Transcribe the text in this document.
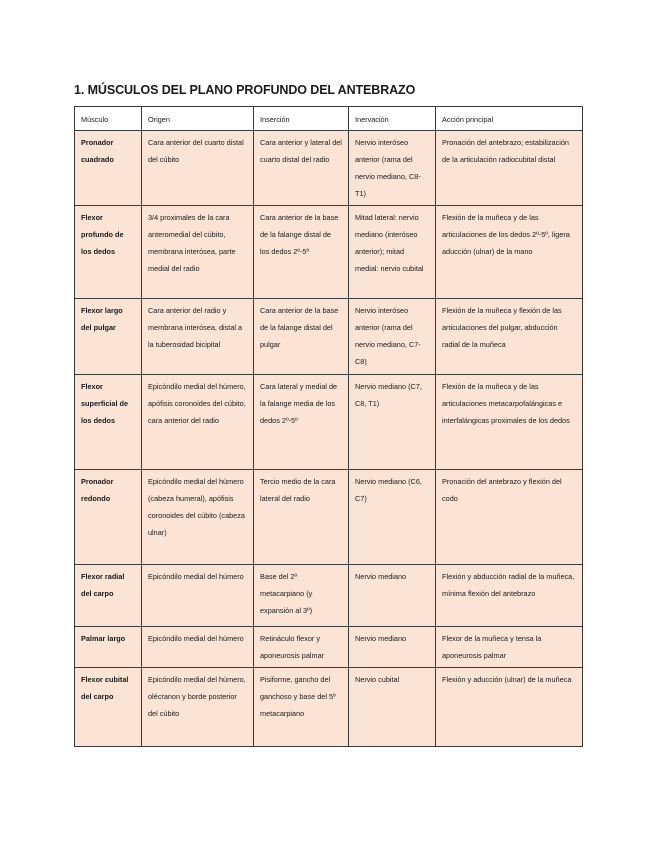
1. MÚSCULOS DEL PLANO PROFUNDO DEL ANTEBRAZO
Músculo	Origen	Inserción	Inervación	Acción principal
Pronador cuadrado	Cara anterior del cuarto distal del cúbito	Cara anterior y lateral del cuarto distal del radio	Nervio interóseo anterior (rama del nervio mediano, C8-T1)	Pronación del antebrazo; estabilización de la articulación radiocubital distal
Flexor profundo de los dedos	3/4 proximales de la cara anteromedial del cúbito, membrana interósea, parte medial del radio	Cara anterior de la base de la falange distal de los dedos 2º-5º	Mitad lateral: nervio mediano (interóseo anterior); mitad medial: nervio cubital	Flexión de la muñeca y de las articulaciones de los dedos 2º-5º, ligera aducción (ulnar) de la mano
Flexor largo del pulgar	Cara anterior del radio y membrana interósea, distal a la tuberosidad bicipital	Cara anterior de la base de la falange distal del pulgar	Nervio interóseo anterior (rama del nervio mediano, C7-C8)	Flexión de la muñeca y flexión de las articulaciones del pulgar, abducción radial de la muñeca
Flexor superficial de los dedos	Epicóndilo medial del húmero, apófisis coronoides del cúbito, cara anterior del radio	Cara lateral y medial de la falange media de los dedos 2º-5º	Nervio mediano (C7, C8, T1)	Flexión de la muñeca y de las articulaciones metacarpofalángicas e interfalángicas proximales de los dedos
Pronador redondo	Epicóndilo medial del húmero (cabeza humeral), apófisis coronoides del cúbito (cabeza ulnar)	Tercio medio de la cara lateral del radio	Nervio mediano (C6, C7)	Pronación del antebrazo y flexión del codo
Flexor radial del carpo	Epicóndilo medial del húmero	Base del 2º metacarpiano (y expansión al 3º)	Nervio mediano	Flexión y abducción radial de la muñeca, mínima flexión del antebrazo
Palmar largo	Epicóndilo medial del húmero	Retináculo flexor y aponeurosis palmar	Nervio mediano	Flexor de la muñeca y tensa la aponeurosis palmar
Flexor cubital del carpo	Epicóndilo medial del húmero, olécranon y borde posterior del cúbito	Pisiforme, gancho del ganchoso y base del 5º metacarpiano	Nervio cubital	Flexión y aducción (ulnar) de la muñeca
